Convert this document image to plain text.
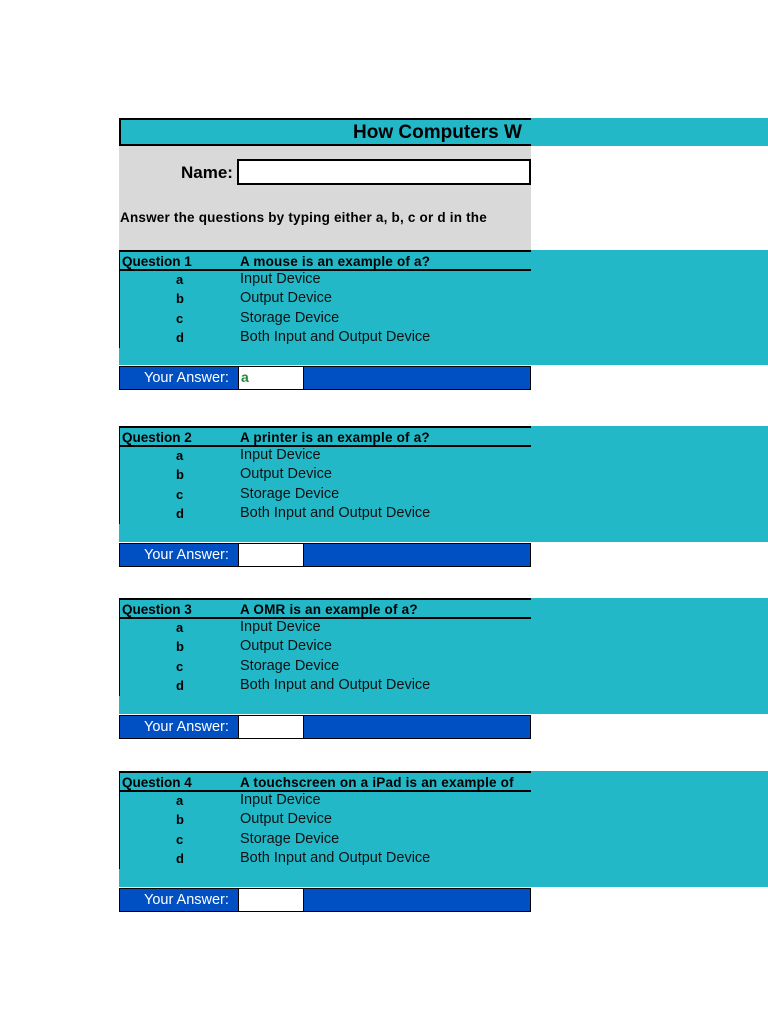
How Computers W
Name:
Answer the questions by typing either a, b, c or d in the
Question 1	A mouse is an example of a?
a	Input Device
b	Output Device
c	Storage Device
d	Both Input and Output Device
Your Answer: a
Question 2	A printer is an example of a?
a	Input Device
b	Output Device
c	Storage Device
d	Both Input and Output Device
Your Answer:
Question 3	A OMR is an example of a?
a	Input Device
b	Output Device
c	Storage Device
d	Both Input and Output Device
Your Answer:
Question 4	A touchscreen on a iPad is an example of
a	Input Device
b	Output Device
c	Storage Device
d	Both Input and Output Device
Your Answer:
